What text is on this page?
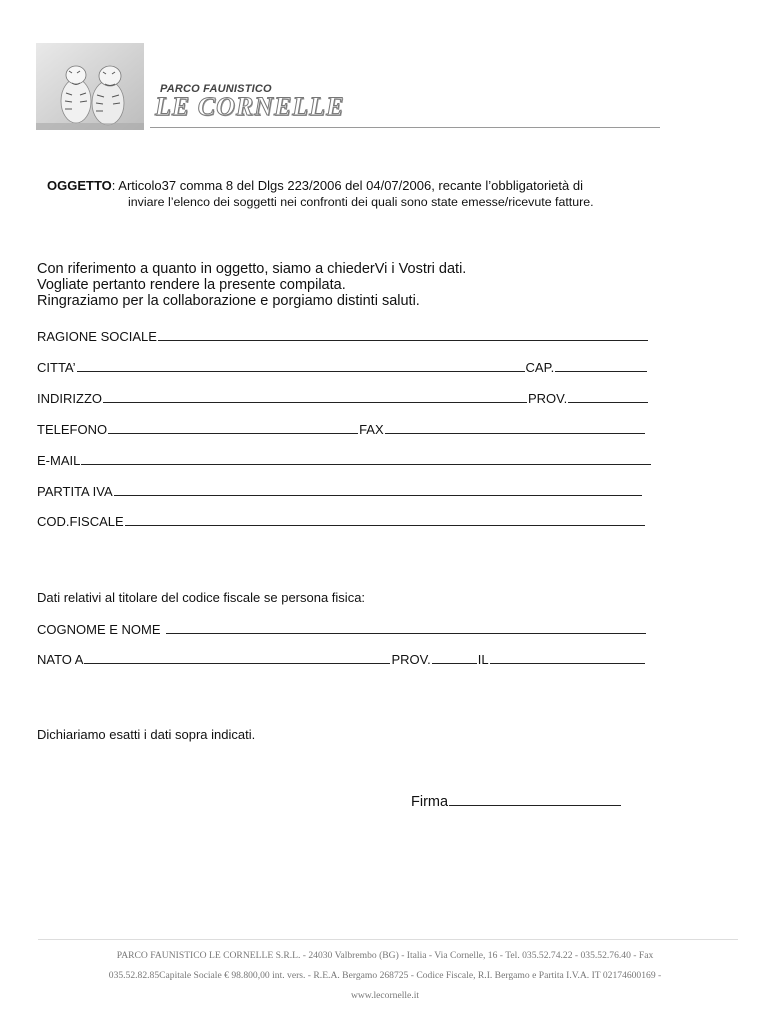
PARCO FAUNISTICO
LE CORNELLE
OGGETTO: Articolo37 comma 8 del Dlgs 223/2006 del 04/07/2006, recante l’obbligatorietà di
inviare l’elenco dei soggetti nei confronti dei quali sono state emesse/ricevute fatture.
Con riferimento a quanto in oggetto, siamo a chiederVi i Vostri dati.
Vogliate pertanto rendere la presente compilata.
Ringraziamo per la collaborazione e porgiamo distinti saluti.
RAGIONE SOCIALE
CITTA’	CAP.
INDIRIZZO	PROV.
TELEFONO	FAX
E-MAIL
PARTITA IVA
COD.FISCALE
Dati relativi al titolare del codice fiscale se persona fisica:
COGNOME E NOME
NATO A	PROV.	IL
Dichiariamo esatti i dati sopra indicati.
Firma
PARCO FAUNISTICO LE CORNELLE S.R.L. - 24030 Valbrembo (BG) - Italia - Via Cornelle, 16 - Tel. 035.52.74.22 - 035.52.76.40 - Fax
035.52.82.85Capitale Sociale € 98.800,00 int. vers. - R.E.A. Bergamo 268725 - Codice Fiscale, R.I. Bergamo e Partita I.V.A. IT 02174600169 -
www.lecornelle.it
